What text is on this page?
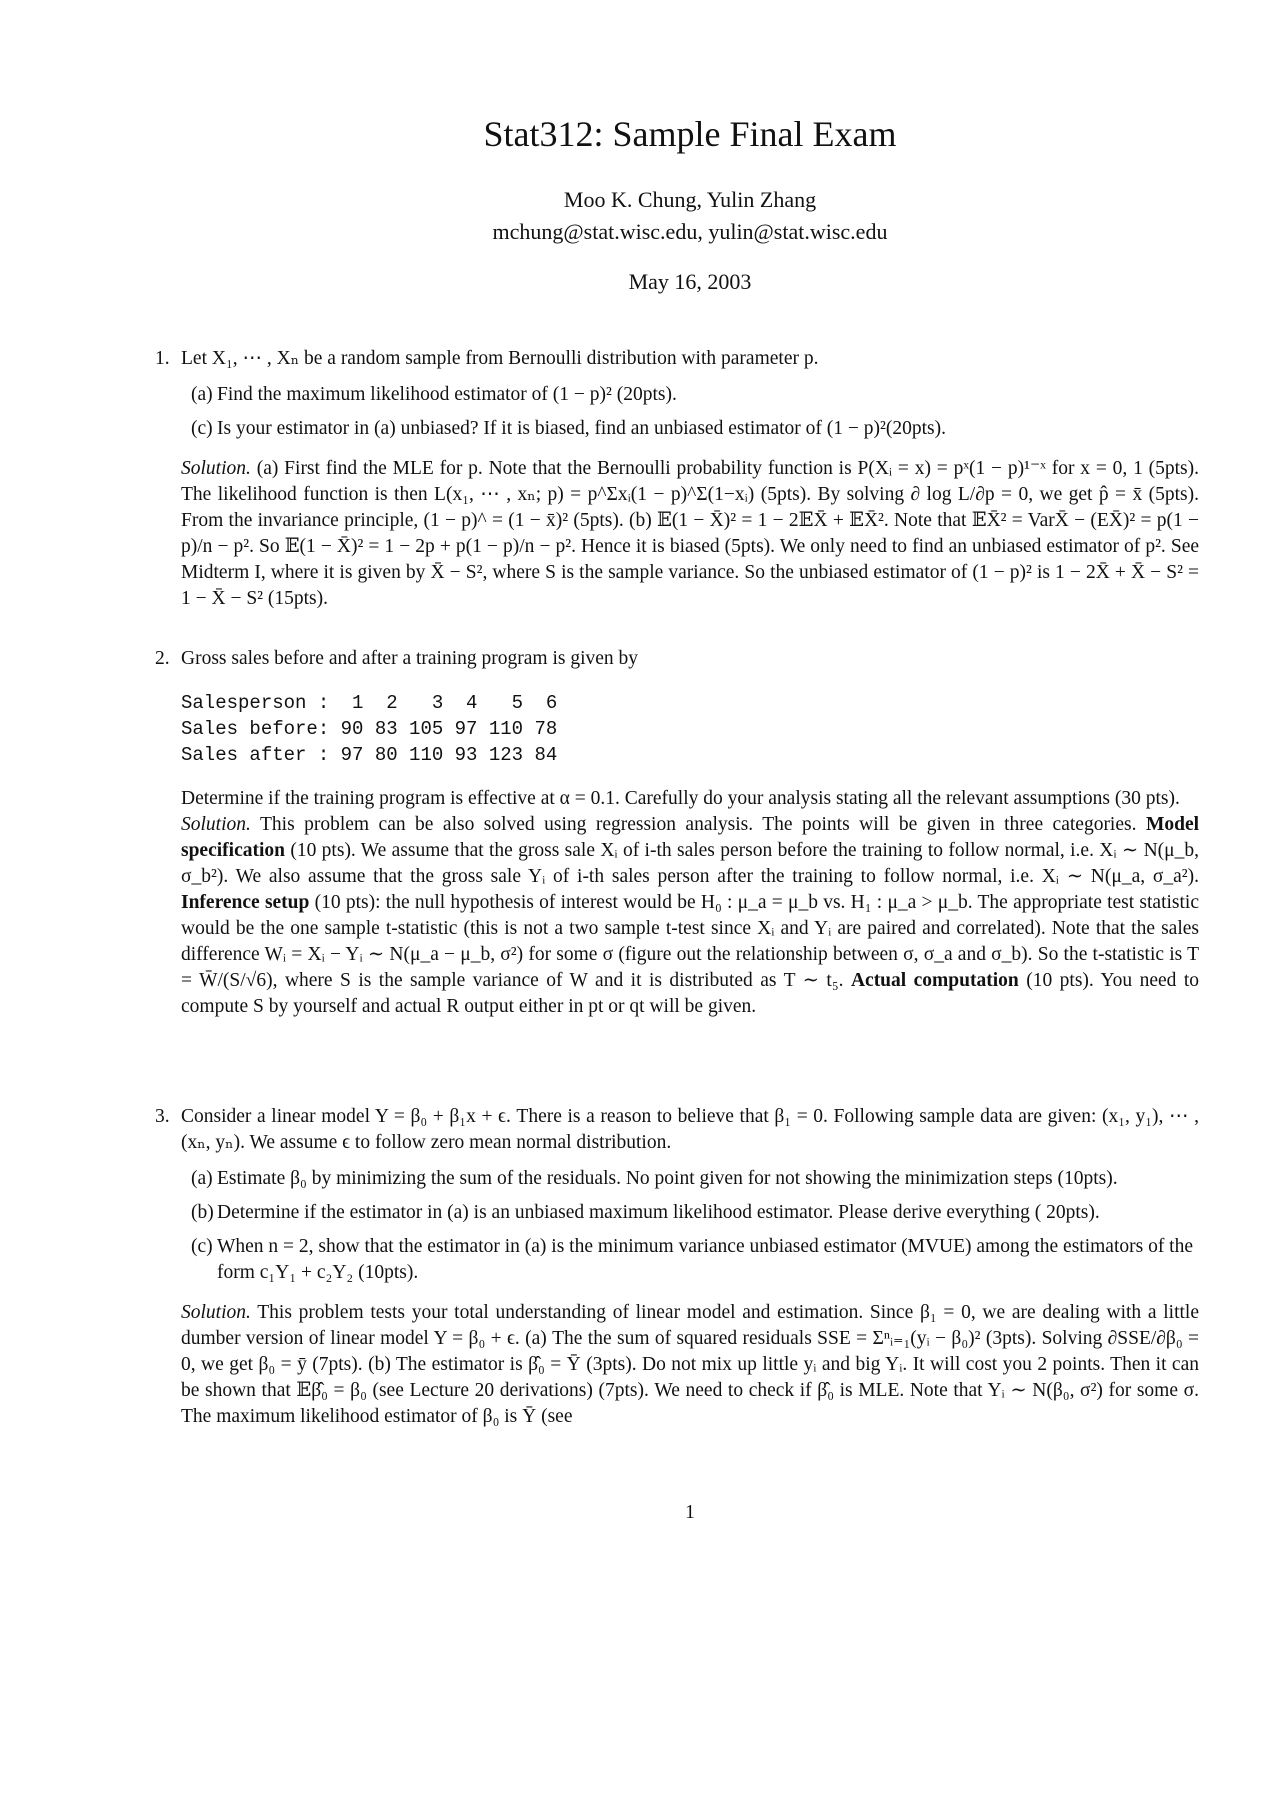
Stat312: Sample Final Exam
Moo K. Chung, Yulin Zhang
mchung@stat.wisc.edu, yulin@stat.wisc.edu
May 16, 2003
1. Let X₁, ⋯ , Xₙ be a random sample from Bernoulli distribution with parameter p.
(a) Find the maximum likelihood estimator of (1 − p)² (20pts).
(c) Is your estimator in (a) unbiased? If it is biased, find an unbiased estimator of (1 − p)²(20pts).
Solution. (a) First find the MLE for p. Note that the Bernoulli probability function is P(Xᵢ = x) = pˣ(1 − p)¹⁻ˣ for x = 0, 1 (5pts). The likelihood function is then L(x₁, ⋯ , xₙ; p) = p^Σxᵢ(1 − p)^Σ(1−xᵢ) (5pts). By solving ∂ log L/∂p = 0, we get p̂ = x̄ (5pts). From the invariance principle, (1 − p)^ = (1 − x̄)² (5pts). (b) 𝔼(1 − X̄)² = 1 − 2𝔼X̄ + 𝔼X̄². Note that 𝔼X̄² = VarX̄ − (EX̄)² = p(1 − p)/n − p². So 𝔼(1 − X̄)² = 1 − 2p + p(1 − p)/n − p². Hence it is biased (5pts). We only need to find an unbiased estimator of p². See Midterm I, where it is given by X̄ − S², where S is the sample variance. So the unbiased estimator of (1 − p)² is 1 − 2X̄ + X̄ − S² = 1 − X̄ − S² (15pts).
2. Gross sales before and after a training program is given by
Salesperson :  1  2   3  4   5  6
Sales before: 90 83 105 97 110 78
Sales after : 97 80 110 93 123 84
Determine if the training program is effective at α = 0.1. Carefully do your analysis stating all the relevant assumptions (30 pts).
Solution. This problem can be also solved using regression analysis. The points will be given in three categories. Model specification (10 pts). We assume that the gross sale Xᵢ of i-th sales person before the training to follow normal, i.e. Xᵢ ∼ N(μ_b, σ_b²). We also assume that the gross sale Yᵢ of i-th sales person after the training to follow normal, i.e. Xᵢ ∼ N(μ_a, σ_a²). Inference setup (10 pts): the null hypothesis of interest would be H₀ : μ_a = μ_b vs. H₁ : μ_a > μ_b. The appropriate test statistic would be the one sample t-statistic (this is not a two sample t-test since Xᵢ and Yᵢ are paired and correlated). Note that the sales difference Wᵢ = Xᵢ − Yᵢ ∼ N(μ_a − μ_b, σ²) for some σ (figure out the relationship between σ, σ_a and σ_b). So the t-statistic is T = W̄/(S/√6), where S is the sample variance of W and it is distributed as T ∼ t₅. Actual computation (10 pts). You need to compute S by yourself and actual R output either in pt or qt will be given.
3. Consider a linear model Y = β₀ + β₁x + ϵ. There is a reason to believe that β₁ = 0. Following sample data are given: (x₁, y₁), ⋯ , (xₙ, yₙ). We assume ϵ to follow zero mean normal distribution.
(a) Estimate β₀ by minimizing the sum of the residuals. No point given for not showing the minimization steps (10pts).
(b) Determine if the estimator in (a) is an unbiased maximum likelihood estimator. Please derive everything ( 20pts).
(c) When n = 2, show that the estimator in (a) is the minimum variance unbiased estimator (MVUE) among the estimators of the form c₁Y₁ + c₂Y₂ (10pts).
Solution. This problem tests your total understanding of linear model and estimation. Since β₁ = 0, we are dealing with a little dumber version of linear model Y = β₀ + ϵ. (a) The the sum of squared residuals SSE = Σⁿᵢ₌₁(yᵢ − β₀)² (3pts). Solving ∂SSE/∂β₀ = 0, we get β₀ = ȳ (7pts). (b) The estimator is β̂₀ = Ȳ (3pts). Do not mix up little yᵢ and big Yᵢ. It will cost you 2 points. Then it can be shown that 𝔼β̂₀ = β₀ (see Lecture 20 derivations) (7pts). We need to check if β̂₀ is MLE. Note that Yᵢ ∼ N(β₀, σ²) for some σ. The maximum likelihood estimator of β₀ is Ȳ (see
1
